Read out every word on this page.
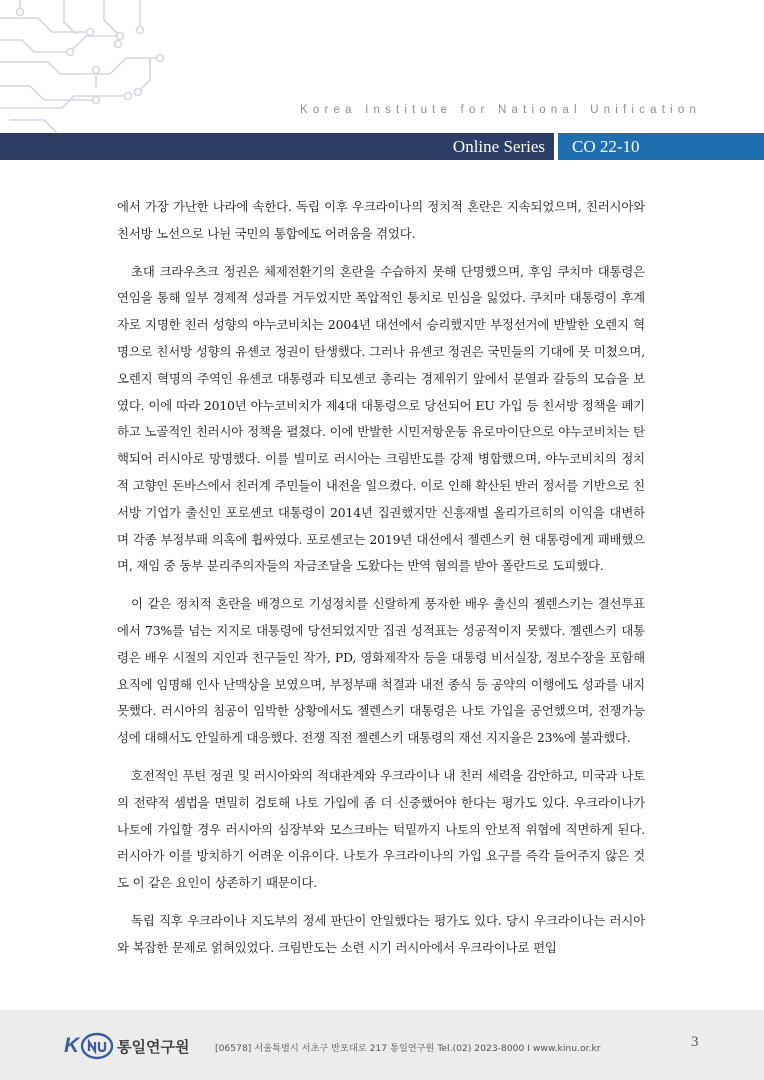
Korea Institute for National Unification
Online Series	CO 22-10

에서 가장 가난한 나라에 속한다. 독립 이후 우크라이나의 정치적 혼란은 지속되었으며, 친러시아와 친서방 노선으로 나뉜 국민의 통합에도 어려움을 겪었다.

초대 크라우츠크 정권은 체제전환기의 혼란을 수습하지 못해 단명했으며, 후임 쿠치마 대통령은 연임을 통해 일부 경제적 성과를 거두었지만 폭압적인 통치로 민심을 잃었다. 쿠치마 대통령이 후계자로 지명한 친러 성향의 야누코비치는 2004년 대선에서 승리했지만 부정선거에 반발한 오렌지 혁명으로 친서방 성향의 유셴코 정권이 탄생했다. 그러나 유셴코 정권은 국민들의 기대에 못 미쳤으며, 오렌지 혁명의 주역인 유셴코 대통령과 티모셴코 총리는 경제위기 앞에서 분열과 갈등의 모습을 보였다. 이에 따라 2010년 야누코비치가 제4대 대통령으로 당선되어 EU 가입 등 친서방 정책을 폐기하고 노골적인 친러시아 정책을 펼쳤다. 이에 반발한 시민저항운동 유로마이단으로 야누코비치는 탄핵되어 러시아로 망명했다. 이를 빌미로 러시아는 크림반도를 강제 병합했으며, 야누코비치의 정치적 고향인 돈바스에서 친러계 주민들이 내전을 일으켰다. 이로 인해 확산된 반러 정서를 기반으로 친서방 기업가 출신인 포로셴코 대통령이 2014년 집권했지만 신흥재벌 올리가르히의 이익을 대변하며 각종 부정부패 의혹에 휩싸였다. 포로셴코는 2019년 대선에서 젤렌스키 현 대통령에게 패배했으며, 재임 중 동부 분리주의자들의 자금조달을 도왔다는 반역 혐의를 받아 폴란드로 도피했다.

이 같은 정치적 혼란을 배경으로 기성정치를 신랄하게 풍자한 배우 출신의 젤렌스키는 결선투표에서 73%를 넘는 지지로 대통령에 당선되었지만 집권 성적표는 성공적이지 못했다. 젤렌스키 대통령은 배우 시절의 지인과 친구들인 작가, PD, 영화제작자 등을 대통령 비서실장, 정보수장을 포함해 요직에 임명해 인사 난맥상을 보였으며, 부정부패 척결과 내전 종식 등 공약의 이행에도 성과를 내지 못했다. 러시아의 침공이 임박한 상황에서도 젤렌스키 대통령은 나토 가입을 공언했으며, 전쟁가능성에 대해서도 안일하게 대응했다. 전쟁 직전 젤렌스키 대통령의 재선 지지율은 23%에 불과했다.

호전적인 푸틴 정권 및 러시아와의 적대관계와 우크라이나 내 친러 세력을 감안하고, 미국과 나토의 전략적 셈법을 면밀히 검토해 나토 가입에 좀 더 신중했어야 한다는 평가도 있다. 우크라이나가 나토에 가입할 경우 러시아의 심장부와 모스크바는 턱밑까지 나토의 안보적 위협에 직면하게 된다. 러시아가 이를 방치하기 어려운 이유이다. 나토가 우크라이나의 가입 요구를 즉각 들어주지 않은 것도 이 같은 요인이 상존하기 때문이다.

독립 직후 우크라이나 지도부의 정세 판단이 안일했다는 평가도 있다. 당시 우크라이나는 러시아와 복잡한 문제로 얽혀있었다. 크림반도는 소련 시기 러시아에서 우크라이나로 편입

K	통일연구원	[06578] 서울특별시 서초구 반포대로 217 통일연구원 Tel.(02) 2023-8000 I www.kinu.or.kr	3
